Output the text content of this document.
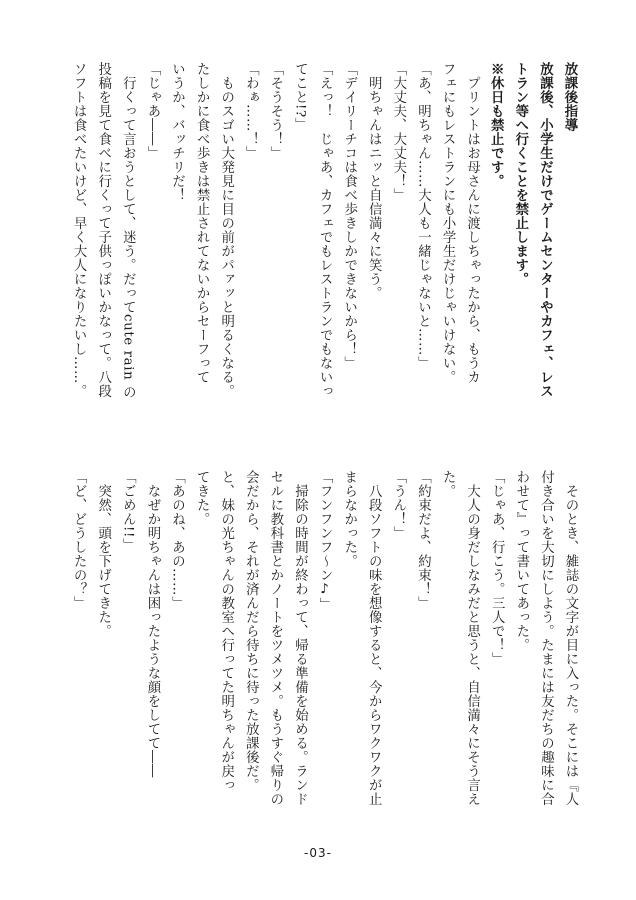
放課後指導
放課後、小学生だけでゲームセンターやカフェ、レス
トラン等へ行くことを禁止します。
※休日も禁止です。
　プリントはお母さんに渡しちゃったから、もうカ
フェにもレストランにも小学生だけじゃいけない。
「あ、明ちゃん……大人も一緒じゃないと……」
「大丈夫、大丈夫！」
　明ちゃんはニッと自信満々に笑う。
「デイリーチコは食べ歩きしかできないから！」
「えっ！　じゃあ、カフェでもレストランでもないっ
てこと!?」
「そうそう！」
「わぁ……！」
　ものスゴい大発見に目の前がパァッと明るくなる。
たしかに食べ歩きは禁止されてないからセーフって
いうか、バッチリだ！
「じゃあ――」
　行くって言おうとして、迷う。だってcute rain の
投稿を見て食べに行くって子供っぽいかなって。八段
ソフトは食べたいけど、早く大人になりたいし……。
　そのとき、雑誌の文字が目に入った。そこには『人
付き合いを大切にしよう。たまには友だちの趣味に合
わせて』って書いてあった。
「じゃあ、行こう。三人で！」
　大人の身だしなみだと思うと、自信満々にそう言え
た。
「約束だよ、約束！」
「うん！」
　八段ソフトの味を想像すると、今からワクワクが止
まらなかった。
「フンフンフ～ン♪」
　掃除の時間が終わって、帰る準備を始める。ランド
セルに教科書とかノートをツメツメ。もうすぐ帰りの
会だから、それが済んだら待ちに待った放課後だ。
と、妹の光ちゃんの教室へ行ってた明ちゃんが戻っ
てきた。
「あのね、あの……」
　なぜか明ちゃんは困ったような顔をしてて――
「ごめん!!」
　突然、頭を下げてきた。
「ど、どうしたの？」
-03-
